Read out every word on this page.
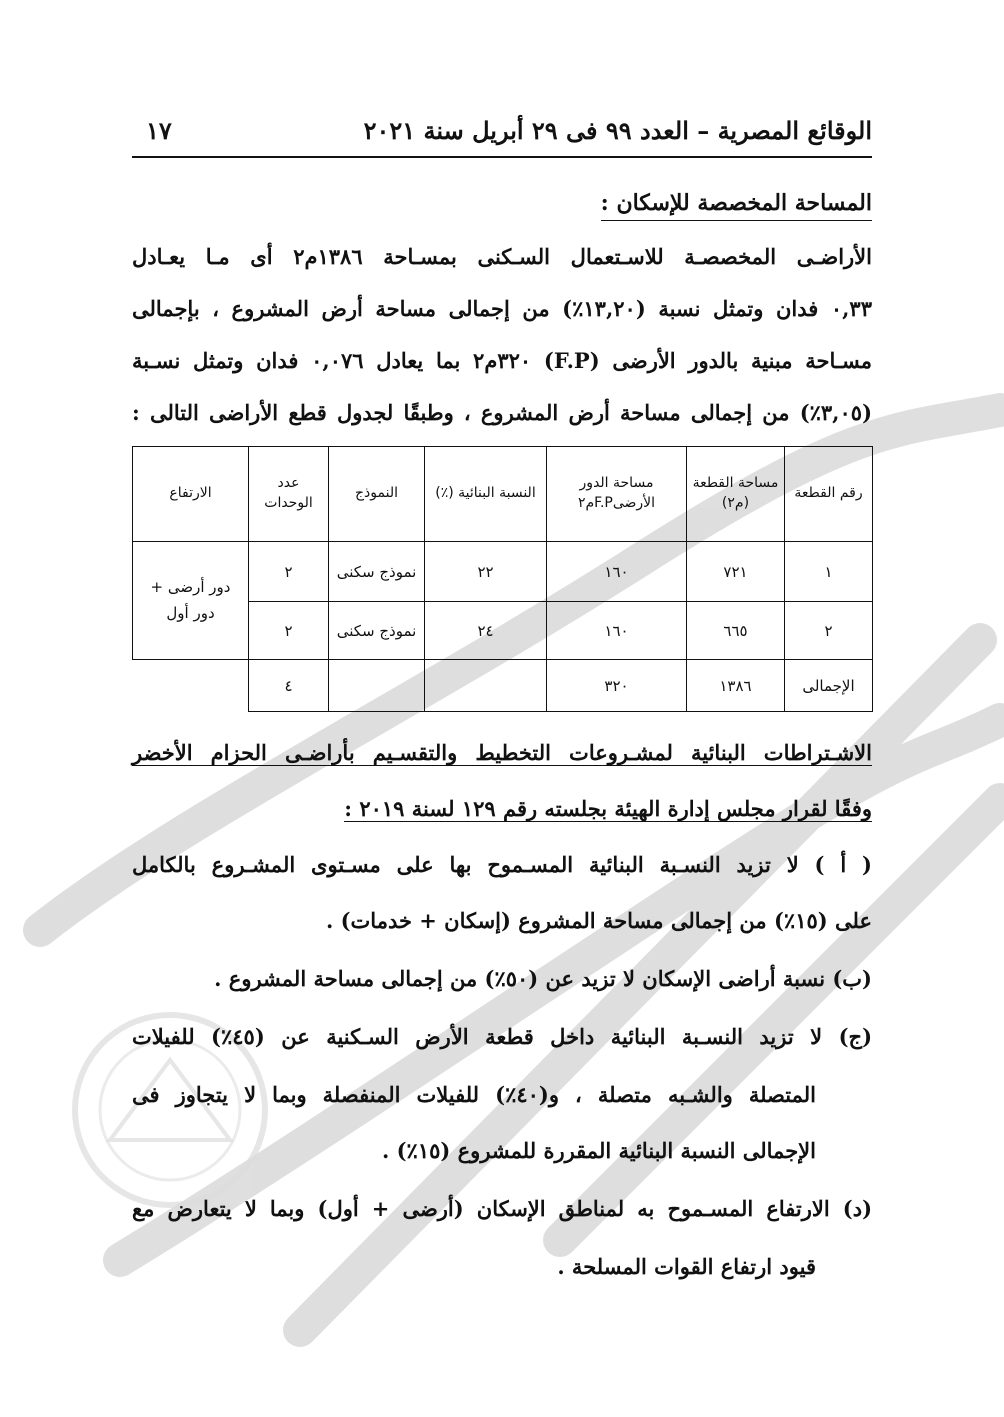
الوقائع المصرية – العدد ٩٩ فى ٢٩ أبريل سنة ٢٠٢١
١٧
المساحة المخصصة للإسكان :
الأراضـى المخصصـة للاسـتعمال السـكنى بمسـاحة ١٣٨٦م٢ أى مـا يعـادل
٠,٣٣ فدان وتمثل نسبة (١٣,٢٠٪) من إجمالى مساحة أرض المشروع ، بإجمالى
مسـاحة مبنية بالدور الأرضى (F.P) ٣٢٠م٢ بما يعادل ٠,٠٧٦ فدان وتمثل نسـبة
(٣,٠٥٪) من إجمالى مساحة أرض المشروع ، وطبقًا لجدول قطع الأراضى التالى :
رقم القطعة	مساحة القطعة (م٢)	مساحة الدور الأرضىF.Pم٢	النسبة البنائية (٪)	النموذج	عدد الوحدات	الارتفاع
١	٧٢١	١٦٠	٢٢	نموذج سكنى	٢	دور أرضى + دور أول
٢	٦٦٥	١٦٠	٢٤	نموذج سكنى	٢	
الإجمالى	١٣٨٦	٣٢٠			٤	
الاشـتراطات البنائية لمشـروعات التخطيط والتقسـيم بأراضـى الحزام الأخضر
وفقًا لقرار مجلس إدارة الهيئة بجلسته رقم ١٢٩ لسنة ٢٠١٩ :
( أ ) لا تزيد النسـبة البنائية المسـموح بها على مسـتوى المشـروع بالكامل
على (١٥٪) من إجمالى مساحة المشروع (إسكان + خدمات) .
(ب) نسبة أراضى الإسكان لا تزيد عن (٥٠٪) من إجمالى مساحة المشروع .
(ج) لا تزيد النسـبة البنائية داخل قطعة الأرض السـكنية عن (٤٥٪) للفيلات
المتصلة والشـبه متصلة ، و(٤٠٪) للفيلات المنفصلة وبما لا يتجاوز فى
الإجمالى النسبة البنائية المقررة للمشروع (١٥٪) .
(د) الارتفاع المسـموح به لمناطق الإسكان (أرضى + أول) وبما لا يتعارض مع
قيود ارتفاع القوات المسلحة .
